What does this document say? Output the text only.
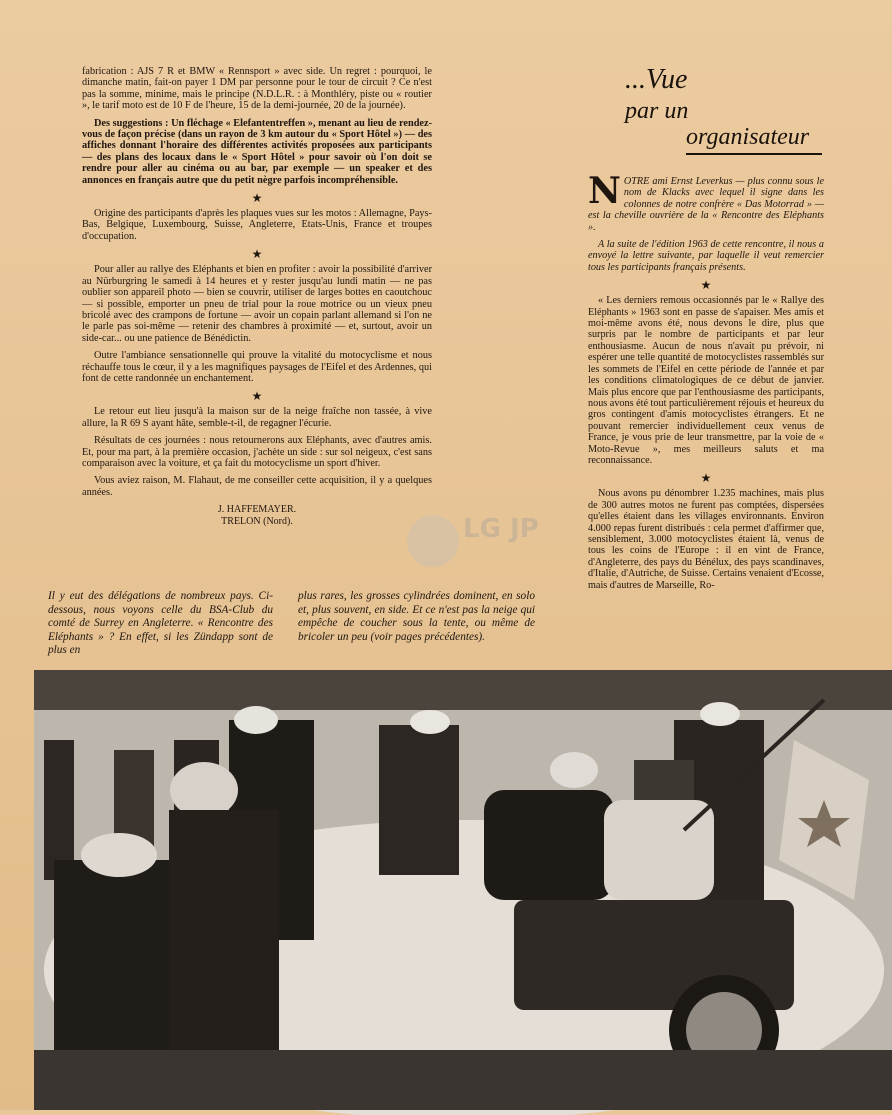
fabrication : AJS 7 R et BMW « Rennsport » avec side. Un regret : pourquoi, le dimanche matin, fait-on payer 1 DM par personne pour le tour de circuit ? Ce n'est pas la somme, minime, mais le principe (N.D.L.R. : à Monthléry, piste ou « routier », le tarif moto est de 10 F de l'heure, 15 de la demi-journée, 20 de la journée).

Des suggestions : Un fléchage « Elefantentreffen », menant au lieu de rendez-vous de façon précise (dans un rayon de 3 km autour du « Sport Hôtel ») — des affiches donnant l'horaire des différentes activités proposées aux participants — des plans des locaux dans le « Sport Hôtel » pour savoir où l'on doit se rendre pour aller au cinéma ou au bar, par exemple — un speaker et des annonces en français autre que du petit nègre parfois incompréhensible.

★

Origine des participants d'après les plaques vues sur les motos : Allemagne, Pays-Bas, Belgique, Luxembourg, Suisse, Angleterre, Etats-Unis, France et troupes d'occupation.

★

Pour aller au rallye des Eléphants et bien en profiter : avoir la possibilité d'arriver au Nürburgring le samedi à 14 heures et y rester jusqu'au lundi matin — ne pas oublier son appareil photo — bien se couvrir, utiliser de larges bottes en caoutchouc — si possible, emporter un pneu de trial pour la roue motrice ou un vieux pneu bricolé avec des crampons de fortune — avoir un copain parlant allemand si l'on ne le parle pas soi-même — retenir des chambres à proximité — et, surtout, avoir un side-car... ou une patience de Bénédictin.

Outre l'ambiance sensationnelle qui prouve la vitalité du motocyclisme et nous réchauffe tous le cœur, il y a les magnifiques paysages de l'Eifel et des Ardennes, qui font de cette randonnée un enchantement.

★

Le retour eut lieu jusqu'à la maison sur de la neige fraîche non tassée, à vive allure, la R 69 S ayant hâte, semble-t-il, de regagner l'écurie.

Résultats de ces journées : nous retournerons aux Eléphants, avec d'autres amis. Et, pour ma part, à la première occasion, j'achète un side : sur sol neigeux, c'est sans comparaison avec la voiture, et ça fait du motocyclisme un sport d'hiver.

Vous aviez raison, M. Flahaut, de me conseiller cette acquisition, il y a quelques années.

J. HAFFEMAYER.
TRELON (Nord).
...Vue
par un
organisateur

NOTRE ami Ernst Leverkus — plus connu sous le nom de Klacks avec lequel il signe dans les colonnes de notre confrère « Das Motorrad » — est la cheville ouvrière de la « Rencontre des Eléphants ».

A la suite de l'édition 1963 de cette rencontre, il nous a envoyé la lettre suivante, par laquelle il veut remercier tous les participants français présents.

★

« Les derniers remous occasionnés par le « Rallye des Eléphants » 1963 sont en passe de s'apaiser. Mes amis et moi-même avons été, nous devons le dire, plus que surpris par le nombre de participants et par leur enthousiasme. Aucun de nous n'avait pu prévoir, ni espérer une telle quantité de motocyclistes rassemblés sur les sommets de l'Eifel en cette période de l'année et par les conditions climatologiques de ce début de janvier. Mais plus encore que par l'enthousiasme des participants, nous avons été tout particulièrement réjouis et heureux du gros contingent d'amis motocyclistes étrangers. Et ne pouvant remercier individuellement ceux venus de France, je vous prie de leur transmettre, par la voie de « Moto-Revue », mes meilleurs saluts et ma reconnaissance.

★

Nous avons pu dénombrer 1.235 machines, mais plus de 300 autres motos ne furent pas comptées, dispersées qu'elles étaient dans les villages environnants. Environ 4.000 repas furent distribués : cela permet d'affirmer que, sensiblement, 3.000 motocyclistes étaient là, venus de tous les coins de l'Europe : il en vint de France, d'Angleterre, des pays du Bénélux, des pays scandinaves, d'Italie, d'Autriche, de Suisse. Certains venaient d'Ecosse, mais d'autres de Marseille, Ro-

LG JP
Il y eut des délégations de nombreux pays. Ci-dessous, nous voyons celle du BSA-Club du comté de Surrey en Angleterre. « Rencontre des Eléphants » ? En effet, si les Zündapp sont de plus en
plus rares, les grosses cylindrées dominent, en solo et, plus souvent, en side. Et ce n'est pas la neige qui empêche de coucher sous la tente, ou même de bricoler un peu (voir pages précédentes).
